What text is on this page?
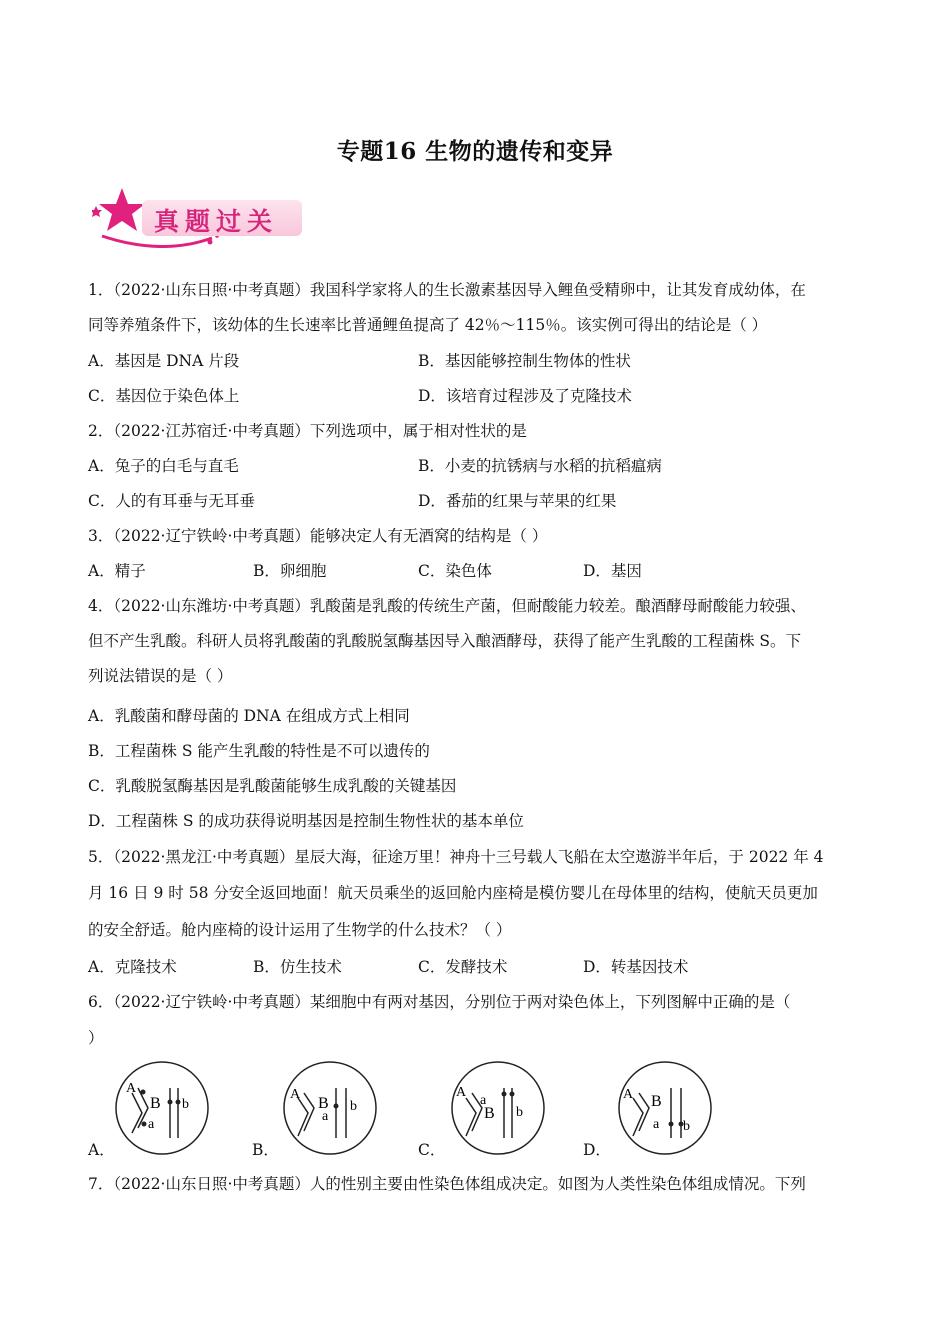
专题16 生物的遗传和变异
真题过关
1．（2022·山东日照·中考真题）我国科学家将人的生长激素基因导入鲤鱼受精卵中，让其发育成幼体，在
同等养殖条件下，该幼体的生长速率比普通鲤鱼提高了 42％～115％。该实例可得出的结论是（ ）
A．基因是 DNA 片段	B．基因能够控制生物体的性状
C．基因位于染色体上	D．该培育过程涉及了克隆技术
2．（2022·江苏宿迁·中考真题）下列选项中，属于相对性状的是
A．兔子的白毛与直毛	B．小麦的抗锈病与水稻的抗稻瘟病
C．人的有耳垂与无耳垂	D．番茄的红果与苹果的红果
3．（2022·辽宁铁岭·中考真题）能够决定人有无酒窝的结构是（ ）
A．精子	B．卵细胞	C．染色体	D．基因
4．（2022·山东潍坊·中考真题）乳酸菌是乳酸的传统生产菌，但耐酸能力较差。酿酒酵母耐酸能力较强、
但不产生乳酸。科研人员将乳酸菌的乳酸脱氢酶基因导入酿酒酵母，获得了能产生乳酸的工程菌株 S。下
列说法错误的是（ ）
A．乳酸菌和酵母菌的 DNA 在组成方式上相同
B．工程菌株 S 能产生乳酸的特性是不可以遗传的
C．乳酸脱氢酶基因是乳酸菌能够生成乳酸的关键基因
D．工程菌株 S 的成功获得说明基因是控制生物性状的基本单位
5．（2022·黑龙江·中考真题）星辰大海，征途万里！神舟十三号载人飞船在太空遨游半年后，于 2022 年 4
月 16 日 9 时 58 分安全返回地面！航天员乘坐的返回舱内座椅是模仿婴儿在母体里的结构，使航天员更加
的安全舒适。舱内座椅的设计运用了生物学的什么技术？（ ）
A．克隆技术	B．仿生技术	C．发酵技术	D．转基因技术
6．（2022·辽宁铁岭·中考真题）某细胞中有两对基因，分别位于两对染色体上，下列图解中正确的是（
）
A．
A
B b
a
B．
A
B
a
b
C．
A
a
B b
D．
A B
a b
7．（2022·山东日照·中考真题）人的性别主要由性染色体组成决定。如图为人类性染色体组成情况。下列
